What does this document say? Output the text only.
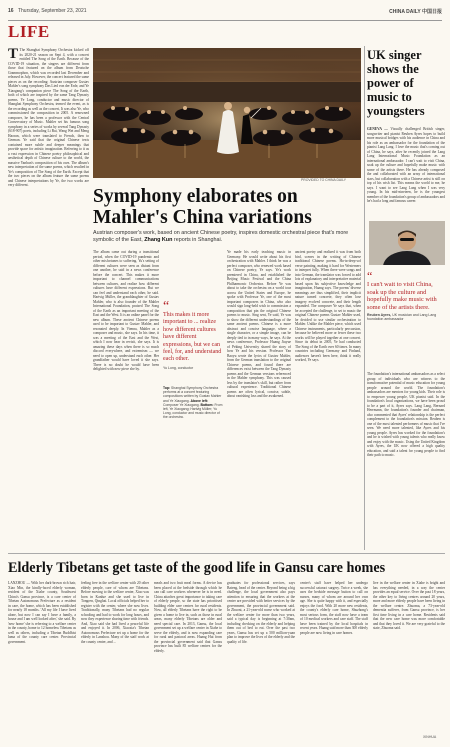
16 Thursday, September 23, 2021	CHINA DAILY 中国日报
LIFE
T The Shanghai Symphony Orchestra kicked off its 2020-21 season on Sept 4, with a concert entitled The Song of the Earth. Because of the COVID-19 situation, the singers are different from those that featured on the album from Deutsche Grammophon, which was recorded last December and released in July. However, the concert featured the same pieces as on the recording: Austrian composer Gustav Mahler's song symphony Das Lied von der Erde, and Ye Xiaogang's companion piece The Song of the Earth, both of which are inspired by the same Tang Dynasty poems. Ye Long, conductor and music director of Shanghai Symphony Orchestra, termed the event, as is the recording as well as the concert, It was also Ye, who commissioned the composition in 2005. A renowned composer, he has been a professor with the Central Conservatory of Music. Mahler set his famous song symphony in a series of works by several Tang Dynasty (618-907) poets, including Li Bai, Wang Wei and Meng Haoran, which were translated to French, then to German. Ye said that the original Chinese texts contained more subtle and deeper meanings that provide space for artistic imagination. Referring to it as a vast expression in Chinese poetry philosophical and aesthetical depth of Chinese culture to the world, the massive Yanbun's composition of his own. The album's new interpretation of the same poems, which resulted in Ye's composition of The Song of the Earth. Except that the two pieces on the album feature the same poems and Chinese interpretations by Ye, the two works are very different.
PROVIDED TO CHINA DAILY
Symphony elaborates on Mahler's China variations
Austrian composer's work, based on ancient Chinese poetry, inspires domestic orchestral piece that's more symbolic of the East, Zhang Kun reports in Shanghai.
The album came out during a transitional period, when the COVID-19 pandemic and other misfortunes to suffering. Yu's setting of different cultures were seen as distant from one another, he said in a news conference before the concert. This makes it more important to channel communications between cultures, and realize how different cultures have different expressions. But we can feel and understand each other, he said. Hartvig Müller, the granddaughter of Gustav Mahler, who is also founder of the Mahler International Foundation, praised The Song of the Earth as an important meeting of the East and the West. It is an online panel for the new album. These ancient Chinese poems used to be important to Gustav Mahler, and resonated deeply. In Vienna, Mahler as a composer and music, she says. In his time, it was a meeting of the East and the West, which I now hear in revisit, she says. It is amazing these days when there is so much discord everywhere, and extremism — we need to open up, understand each other. Her grandfather would have loved it she says. There is no doubt he would have been delighted with new piece she by.
“
This makes it more important to ... realize how different cultures have different expressions, but we can feel, for, and understand each other.
Yu Long, conductor
Top: Shanghai Symphony Orchestra performs at a concert featuring compositions written by Gustav Mahler and Ye Xiaogang. Above left: Composer Ye Xiaogang. Bottom: From left, Ye Xiaogang; Hartvig Müller; Yu Long, conductor and music director of the orchestra.
Ye made his early teaching music in Germany. He would write about his first orchestration with Mahler. I think he was a perfect composer, who renewed work based on Chinese poetry, Ye says. Ye's work premiered in China, and established the Beijing Music Festival and the China Philharmonic Orchestra. Before Ye was about to take the orchestra on a world tour across the United States and Europe, he spoke with Professor Ye, one of the most important composers in China, who also would sign long-held wish to commission a composition that pin the original Chinese poems to music. Sing sent, Ye said, Ye was to show the different understandings of the same ancient poems. Chinese is a more abstract and concise language, where a single character, or a simple image, can be deeply tied to in many ways, he says. At the news conference, Professor Huang Jiuyue of Peking University shared the story of how Ye and his version. Professor Yan Baoyu wrote the lyrics of Gustav Mahler, from the German translation to the original Chinese poems, and found there are differences exist between the Tang Dynasty poems and the German versions referenced in the Mahler symphony. This was caused less by the translator's skill, but rather from cultural experience. Traditional Chinese poems are often lyrical, concise, subtle, about vanishing loss and the awakened.
ancient poetry and realized it was from both bird, scenes in the writing of Chinese traditional Chinese poems. Ha-ta-deep-sof verse painting, making it hard for Westerners to interpret fully. When there were songs and into German, the translator was forced to add lots of explanatory and interpretative material based upon his subjective knowledge and imagination, Huang says. The poems' diverse meanings are thus simplified, their implicit nature turned concrete, they often lose imagery evolved concrete, and their length expanded. The composer Ye says that, when he accepted the challenge, to set to music the original Chinese poems Gustav Mahler used, he decided to use similar orchestration to Mahler. Unlike the Mahler piece, which used Chinese instruments, particularly percussion, because he believed more or fewer these two works will be played together at one concert. Since its debut in 2005, Ye had conducted The Song of the Earth over 60 times. In many countries including Germany and Finland, audiences haven't been here, think it really worked, Ye says.
UK singer shows the power of music to youngsters
GENEVA — Visually challenged British singer, songwriter and pianist Reuben Ayres hopes to build more musical bridges with his audience in China and his role as an ambassador for the foundation of the pianist Lang Lang. I love the music that's coming out of China, he says, after he recently joined the Lang Lang International Music Foundation as an international ambassador. I can't wait to visit China, soak up the culture and hopefully make music with some of the artists there. He has already composed the and collaborated with an array of international stars, but collaboration with a Chinese artist is still on top of his wish list. This means the world to me, he says. I want to see Lang Lang when I was very young. In his mid-nineteen, he is the youngest member of the foundation's group of ambassadors and he's had a long and famous career.
“
I can't wait to visit China, soak up the culture and hopefully make music with some of the artists there.
Reuben Ayres, UK musician and Lang Lang foundation ambassador
The foundation's international ambassadors as a select group of individuals who are witness to the transformative potential of music education for young people around the world. The foundation's ambassadors are mentors for young kids. Their role is to empower young people, UK pianist said. In the foundation's local organizations, we have been proud to be a part of it, Ayres says. Lang Lang, Bernard Herrmann, the foundation's founder and chairman, also commented that Ayres' relationship is the perfect complement to the foundation's mission. Reuben is one of the most talented performers of music that I've seen. We need more talented, like Ayres and his young people. Ayres has worked for the foundation's and he is wished with young talents who really know and enjoy with the music. Using the United Kingdom with Ayres, the UK now offered a high quality education, and said a talent for young people to find their path to music.
Elderly Tibetans get taste of the good life in Gansu care homes
LANZHOU — With her dark-brown rich hair, Xiao Min, the kindly-faced elderly woman, resident of the Xiahe county, Southwest China's Gansu province, is a care center of Tibetan Autonomous Prefecture as a resident in care, the home, which has been established for nearly 18 months. 'All my life I have lived alone, but now I can say I have a family, a house and I am well looked after,' she said. By 'new home' she is referring to a welfare center in the county, home to 12 homeless Tibetans as well as others, including a Tibetan Buddhist lama of the county care center. Provincial government.
feeling free in the welfare center with 20 other elderly people, care of whom are Tibetans. Before moving to the welfare center, Xiao was born in Kanlue and she used to live in Tongren, Qinghai. Local officials helped her to register with the center, where she now lives. Traditionally, many Tibetans had no regular schooling and had to work for long hours, and now they experience sharing time with friends. And, Xiao said she had lived a peaceful life and enjoyed it. In 2006, Xiaoxia's Tibetan Autonomous Prefecture set up a home for the elderly in Lanzhou. Many of the staff work at the county center, and ...
meals and two fruit meal forms. A device has been placed at the bedside through which he can call care workers whenever he is in need. China attaches great importance to taking care of elderly people, so the state has prioritised building elder care centres for rural residents. Now, all elderly Tibetans have the right to be given a home to live in, such as those in rural areas, many elderly Tibetans are older and need special care. In 2013, Gansu, the local government set up a welfare center in Xiahe to serve the elderly, and is now expanding care for rural and pastoral areas. Huang Hui from the provincial government said that Gansu province has built 85 welfare centres for the elderly.
graduates for professional services, says Bateng, head of the center. Beyond being a big challenge, the local government also pays attention to ensuring that the workers at the center are provided with better services by the government, the provincial government said. In Zhuoni, a 21-year-old nurse who worked at the welfare center for more than two years, said a typical day is beginning at 7:30am, including checking on the elderly and helping them out of bed to eat. Over the past two years, Gansu has set up a 500 million-yuan plan to improve the lives of the elderly and the quality of life.
center's staff have helped her undergo successful cataract surgery. Twice a week, she uses the bedside message button to call on nurses, many of whom are around her own age. She is quite happy with it, and especially enjoys the food. With 20 more new residents, the county's elderly care home, Shuzhong's most serious form, the staff now have a team of 10 medical workers and care staff. The staff have been trained by the local hospitals in recent years. Huang said more than 300 elderly people are now living in care homes.
live in the welfare center in Xiahe is bright and has everything needed, in a way the center provides an equal service. Over the past 18 years, the other key to living centres around 20 years, more and more elderly people have been living in the welfare centre. Zhuoma, a 73-year-old dementia sufferer, from Gansu province, is her first time living in a care home. Residents said that the new care home was more comfortable and that they loved it. We are very grateful to the state, Zhuoma said.
XINHUA
